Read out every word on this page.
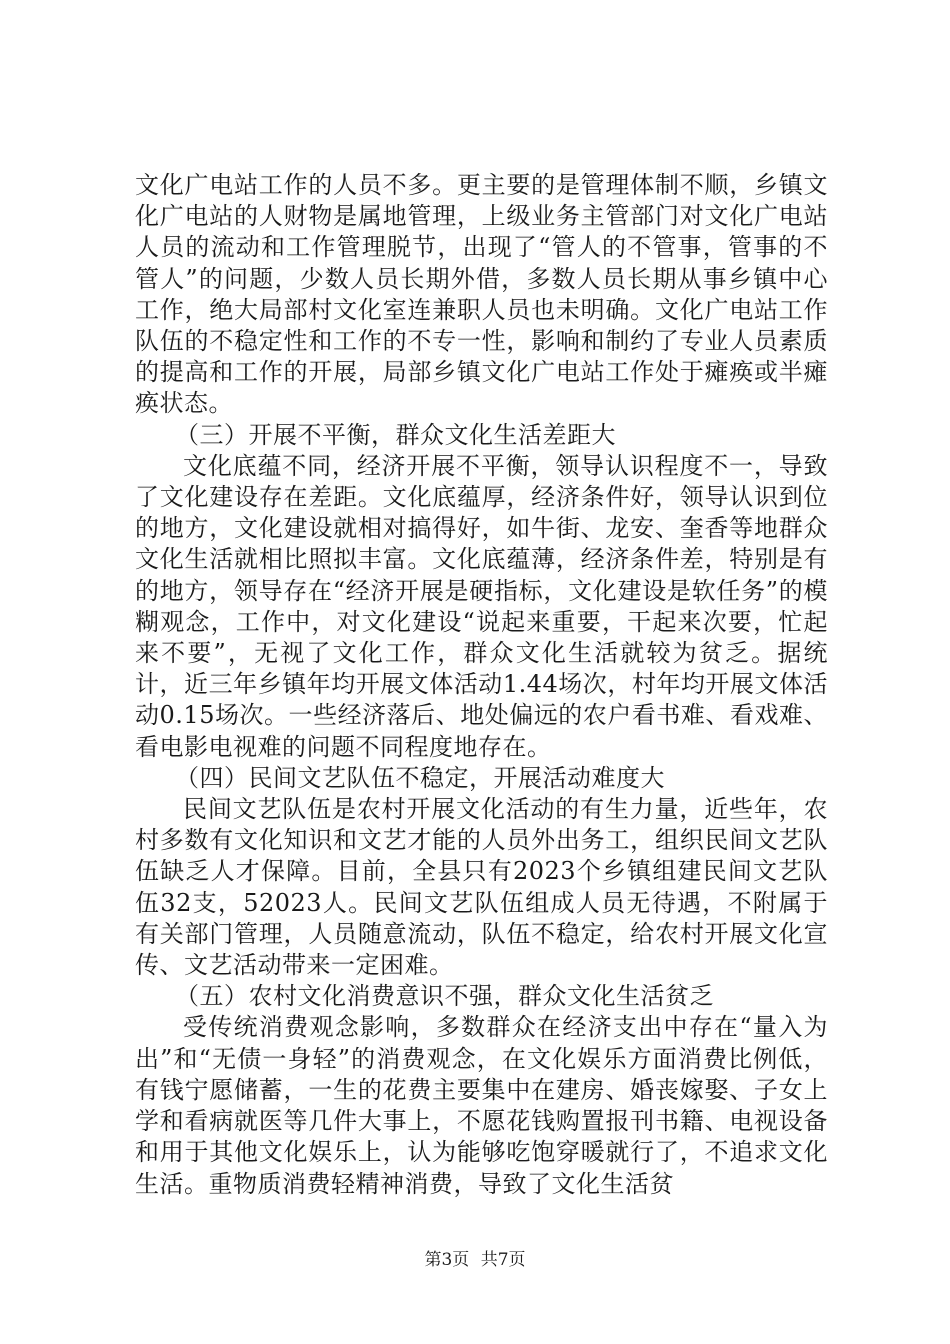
文化广电站工作的人员不多。更主要的是管理体制不顺，乡镇文化广电站的人财物是属地管理，上级业务主管部门对文化广电站人员的流动和工作管理脱节，出现了“管人的不管事，管事的不管人”的问题，少数人员长期外借，多数人员长期从事乡镇中心工作，绝大局部村文化室连兼职人员也未明确。文化广电站工作队伍的不稳定性和工作的不专一性，影响和制约了专业人员素质的提高和工作的开展，局部乡镇文化广电站工作处于瘫痪或半瘫痪状态。

（三）开展不平衡，群众文化生活差距大

文化底蕴不同，经济开展不平衡，领导认识程度不一，导致了文化建设存在差距。文化底蕴厚，经济条件好，领导认识到位的地方，文化建设就相对搞得好，如牛街、龙安、奎香等地群众文化生活就相比照拟丰富。文化底蕴薄，经济条件差，特别是有的地方，领导存在“经济开展是硬指标，文化建设是软任务”的模糊观念，工作中，对文化建设“说起来重要，干起来次要，忙起来不要”，无视了文化工作，群众文化生活就较为贫乏。据统计，近三年乡镇年均开展文体活动1.44场次，村年均开展文体活动0.15场次。一些经济落后、地处偏远的农户看书难、看戏难、看电影电视难的问题不同程度地存在。

（四）民间文艺队伍不稳定，开展活动难度大

民间文艺队伍是农村开展文化活动的有生力量，近些年，农村多数有文化知识和文艺才能的人员外出务工，组织民间文艺队伍缺乏人才保障。目前，全县只有2023个乡镇组建民间文艺队伍32支，52023人。民间文艺队伍组成人员无待遇，不附属于有关部门管理，人员随意流动，队伍不稳定，给农村开展文化宣传、文艺活动带来一定困难。

（五）农村文化消费意识不强，群众文化生活贫乏

受传统消费观念影响，多数群众在经济支出中存在“量入为出”和“无债一身轻”的消费观念，在文化娱乐方面消费比例低，有钱宁愿储蓄，一生的花费主要集中在建房、婚丧嫁娶、子女上学和看病就医等几件大事上，不愿花钱购置报刊书籍、电视设备和用于其他文化娱乐上，认为能够吃饱穿暖就行了，不追求文化生活。重物质消费轻精神消费，导致了文化生活贫

第3页 共7页
